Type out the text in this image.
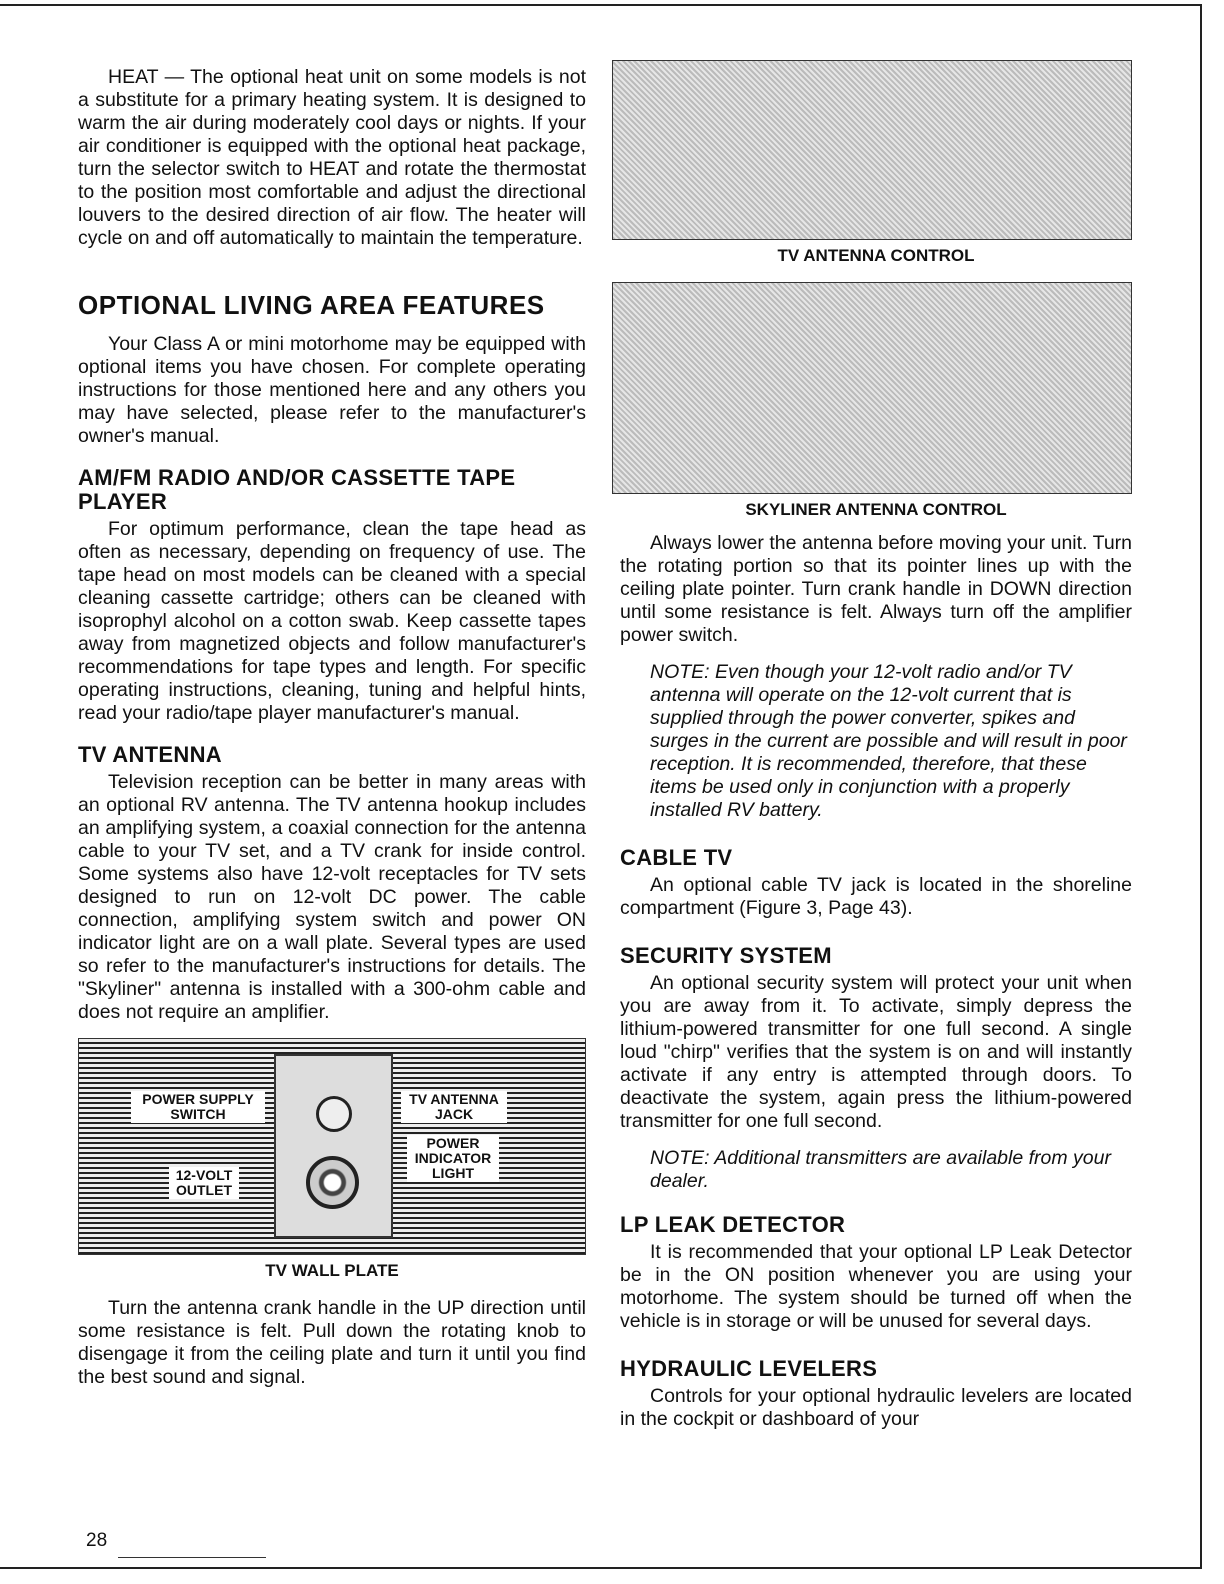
HEAT — The optional heat unit on some models is not a substitute for a primary heating system. It is designed to warm the air during moderately cool days or nights. If your air conditioner is equipped with the optional heat package, turn the selector switch to HEAT and rotate the thermostat to the position most comfortable and adjust the directional louvers to the desired direction of air flow. The heater will cycle on and off automatically to maintain the temperature.

OPTIONAL LIVING AREA FEATURES

Your Class A or mini motorhome may be equipped with optional items you have chosen. For complete operating instructions for those mentioned here and any others you may have selected, please refer to the manufacturer's owner's manual.

AM/FM RADIO AND/OR CASSETTE TAPE PLAYER

For optimum performance, clean the tape head as often as necessary, depending on frequency of use. The tape head on most models can be cleaned with a special cleaning cassette cartridge; others can be cleaned with isoprophyl alcohol on a cotton swab. Keep cassette tapes away from magnetized objects and follow manufacturer's recommendations for tape types and length. For specific operating instructions, cleaning, tuning and helpful hints, read your radio/tape player manufacturer's manual.

TV ANTENNA

Television reception can be better in many areas with an optional RV antenna. The TV antenna hookup includes an amplifying system, a coaxial connection for the antenna cable to your TV set, and a TV crank for inside control. Some systems also have 12-volt receptacles for TV sets designed to run on 12-volt DC power. The cable connection, amplifying system switch and power ON indicator light are on a wall plate. Several types are used so refer to the manufacturer's instructions for details. The "Skyliner" antenna is installed with a 300-ohm cable and does not require an amplifier.

POWER SUPPLY SWITCH
TV ANTENNA JACK
POWER INDICATOR LIGHT
12-VOLT OUTLET
TV WALL PLATE

Turn the antenna crank handle in the UP direction until some resistance is felt. Pull down the rotating knob to disengage it from the ceiling plate and turn it until you find the best sound and signal.

TV ANTENNA CONTROL
SKYLINER ANTENNA CONTROL

Always lower the antenna before moving your unit. Turn the rotating portion so that its pointer lines up with the ceiling plate pointer. Turn crank handle in DOWN direction until some resistance is felt. Always turn off the amplifier power switch.

NOTE: Even though your 12-volt radio and/or TV antenna will operate on the 12-volt current that is supplied through the power converter, spikes and surges in the current are possible and will result in poor reception. It is recommended, therefore, that these items be used only in conjunction with a properly installed RV battery.

CABLE TV

An optional cable TV jack is located in the shoreline compartment (Figure 3, Page 43).

SECURITY SYSTEM

An optional security system will protect your unit when you are away from it. To activate, simply depress the lithium-powered transmitter for one full second. A single loud "chirp" verifies that the system is on and will instantly activate if any entry is attempted through doors. To deactivate the system, again press the lithium-powered transmitter for one full second.

NOTE: Additional transmitters are available from your dealer.

LP LEAK DETECTOR

It is recommended that your optional LP Leak Detector be in the ON position whenever you are using your motorhome. The system should be turned off when the vehicle is in storage or will be unused for several days.

HYDRAULIC LEVELERS

Controls for your optional hydraulic levelers are located in the cockpit or dashboard of your

28
